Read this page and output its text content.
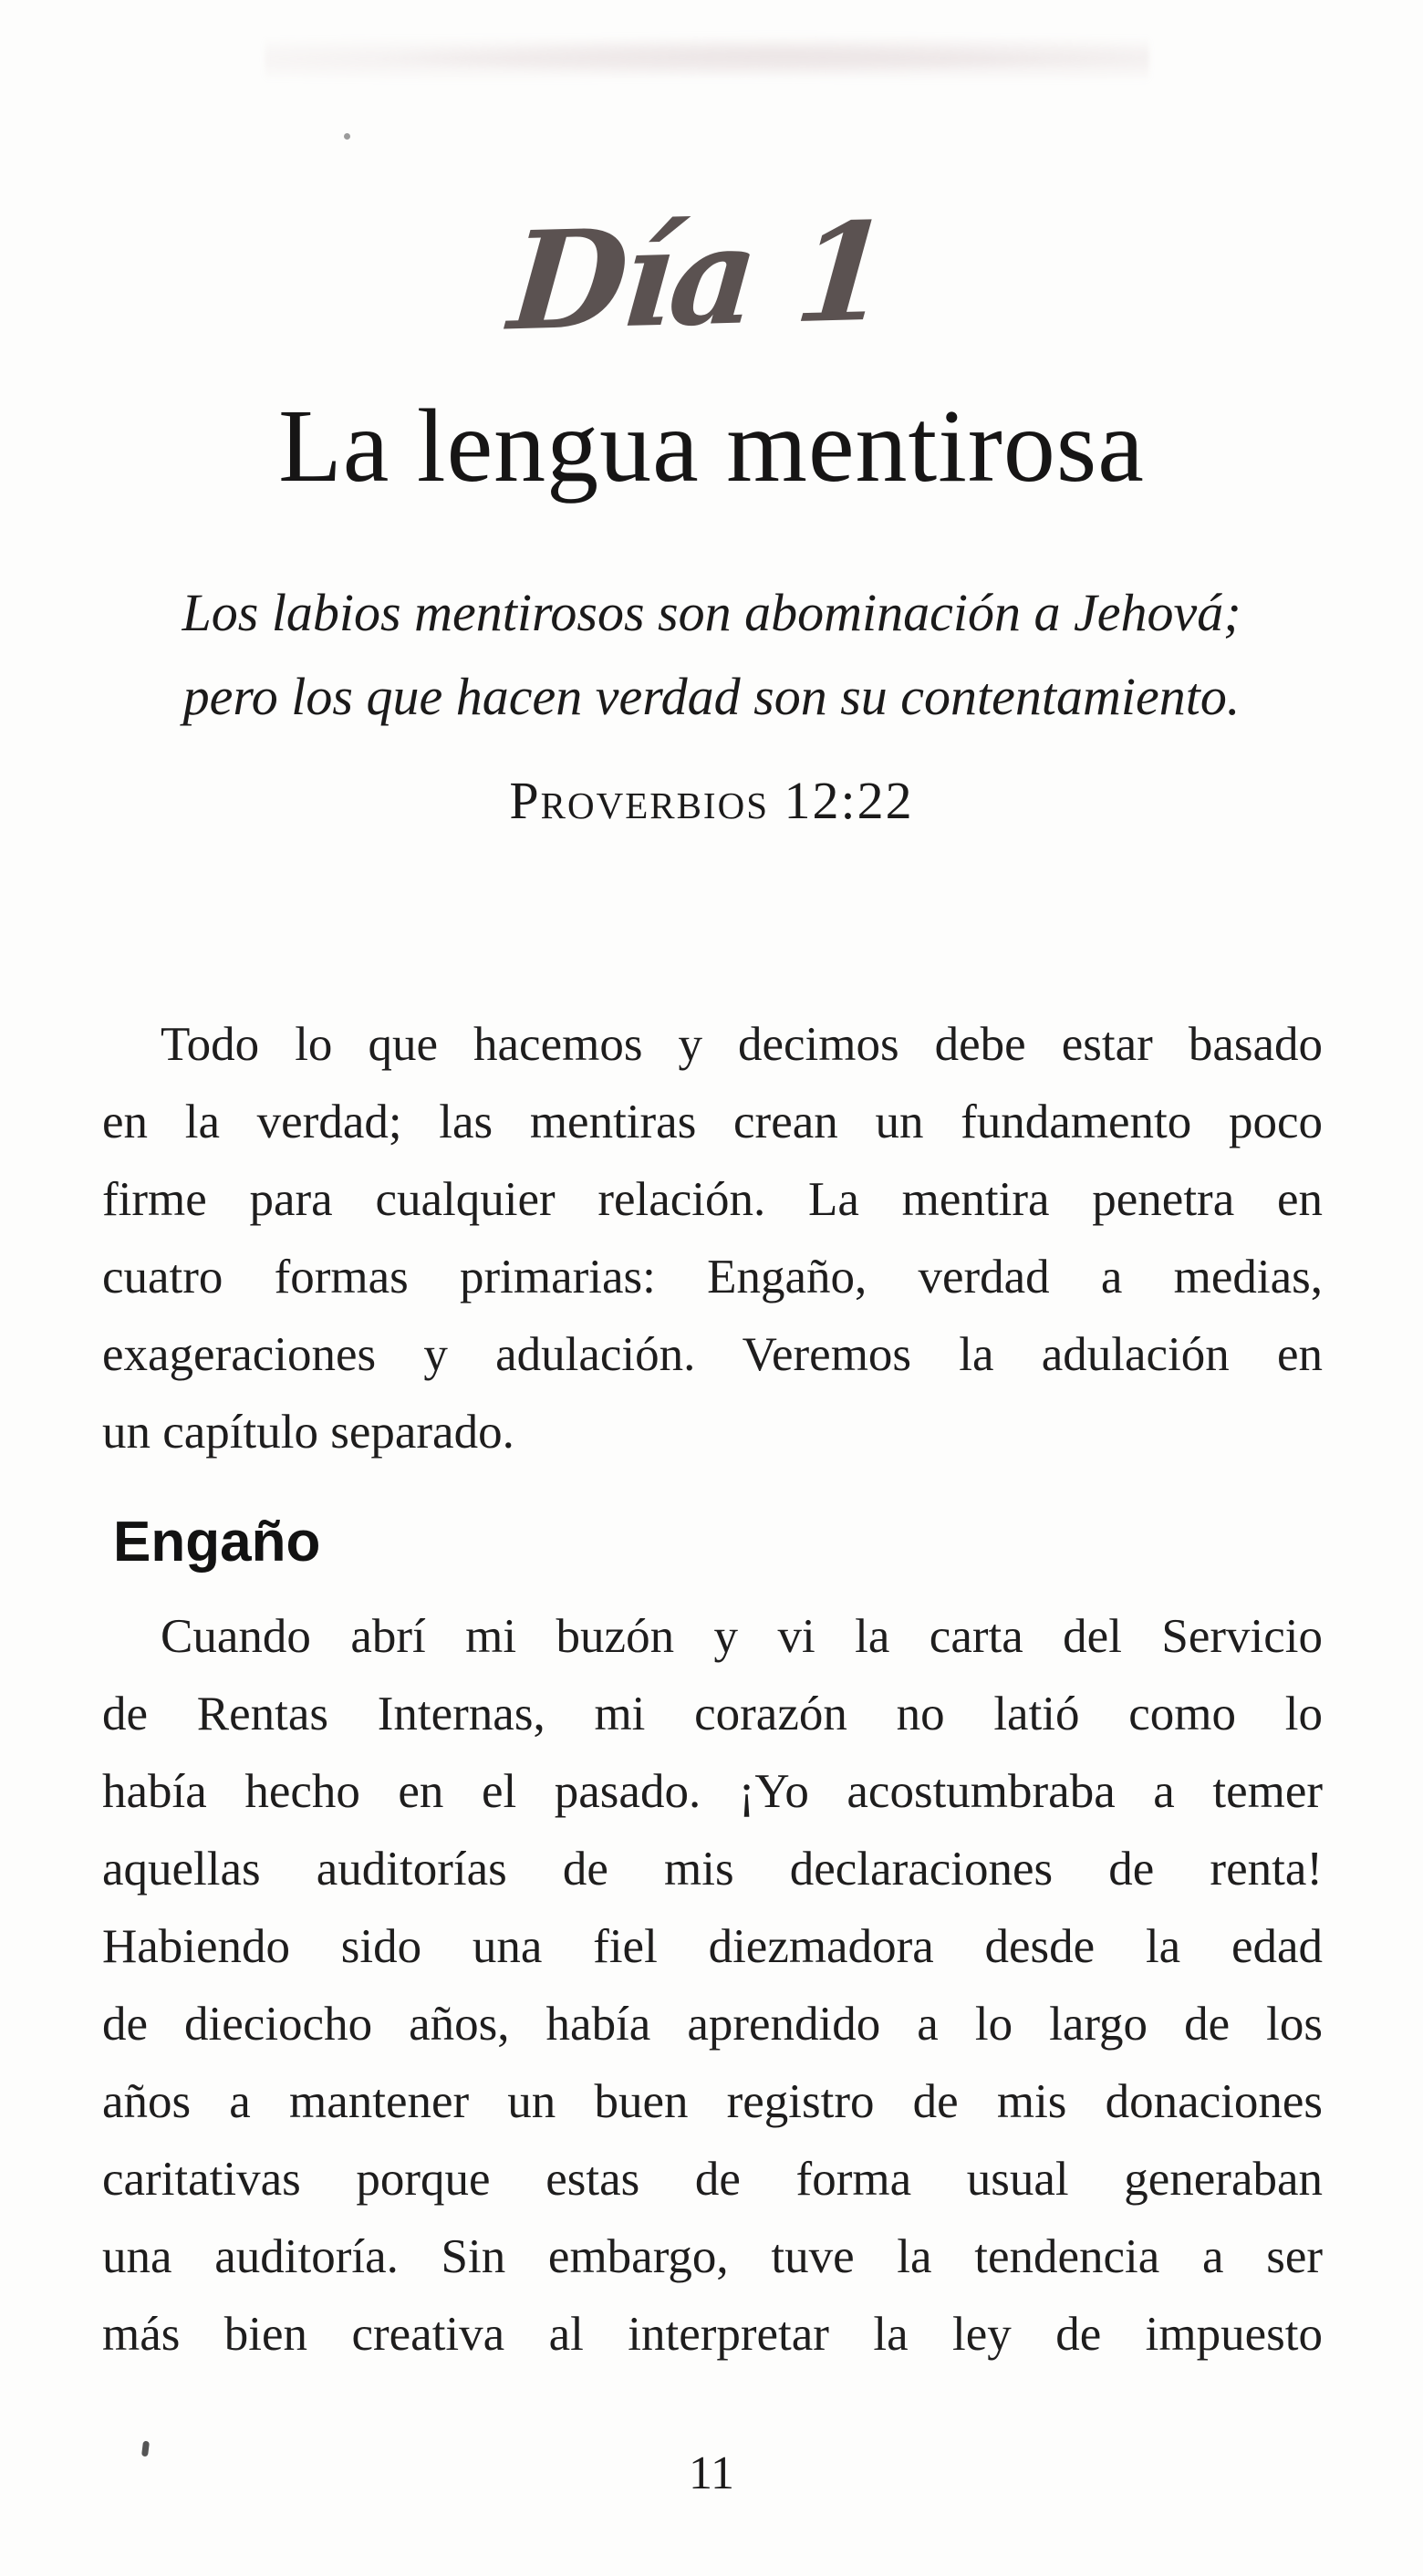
Día 1
La lengua mentirosa
Los labios mentirosos son abominación a Jehová;
pero los que hacen verdad son su contentamiento.
Proverbios 12:22
Todo lo que hacemos y decimos debe estar basado
en la verdad; las mentiras crean un fundamento poco
firme para cualquier relación. La mentira penetra en
cuatro formas primarias: Engaño, verdad a medias,
exageraciones y adulación. Veremos la adulación en
un capítulo separado.
Engaño
Cuando abrí mi buzón y vi la carta del Servicio
de Rentas Internas, mi corazón no latió como lo
había hecho en el pasado. ¡Yo acostumbraba a temer
aquellas auditorías de mis declaraciones de renta!
Habiendo sido una fiel diezmadora desde la edad
de dieciocho años, había aprendido a lo largo de los
años a mantener un buen registro de mis donaciones
caritativas porque estas de forma usual generaban
una auditoría. Sin embargo, tuve la tendencia a ser
más bien creativa al interpretar la ley de impuesto
11
